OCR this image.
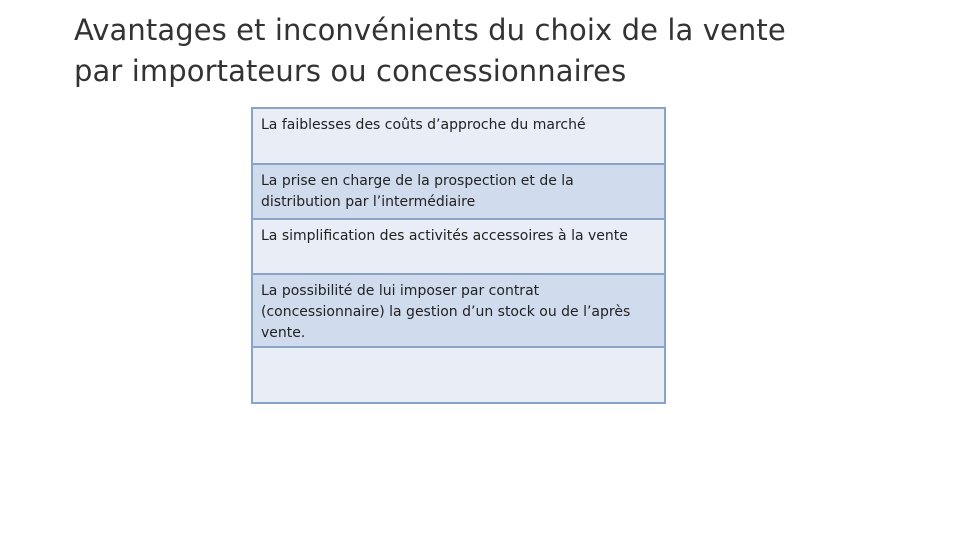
Avantages et inconvénients du choix de la vente
par importateurs ou concessionnaires
La faiblesses des coûts d’approche du marché
La prise en charge de la prospection et de la distribution par l’intermédiaire
La simplification des activités accessoires à la vente
La possibilité de lui imposer par contrat (concessionnaire) la gestion d’un stock ou de l’après vente.
